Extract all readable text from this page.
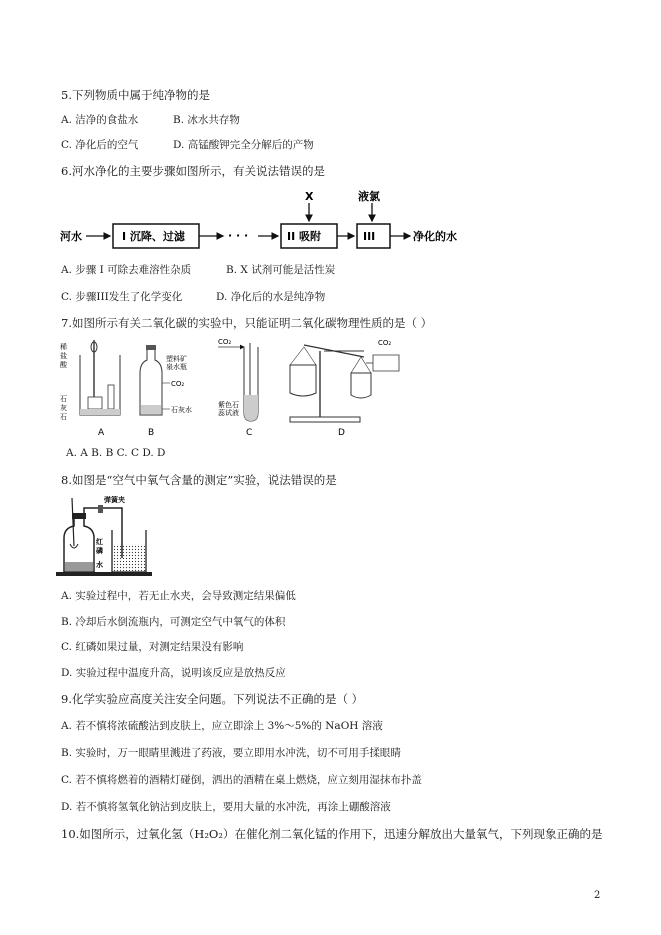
5.下列物质中属于纯净物的是
A. 洁净的食盐水	B. 冰水共存物
C. 净化后的空气	D. 高锰酸钾完全分解后的产物
6.河水净化的主要步骤如图所示，有关说法错误的是
河水	I 沉降、过滤	· · ·
X
II 吸附
液氯
III	净化的水
A. 步骤 I 可除去难溶性杂质	B. X 试剂可能是活性炭
C. 步骤III发生了化学变化	D. 净化后的水是纯净物
7.如图所示有关二氧化碳的实验中，只能证明二氧化碳物理性质的是（ ）
稀盐酸
石灰石
A
塑料矿泉水瓶
CO₂
石灰水
B
CO₂
紫色石蕊试液
C
CO₂
D
A. A B. B C. C D. D
8.如图是“空气中氧气含量的测定”实验，说法错误的是
弹簧夹
红磷
水
A. 实验过程中，若无止水夹，会导致测定结果偏低
B. 冷却后水倒流瓶内，可测定空气中氧气的体积
C. 红磷如果过量，对测定结果没有影响
D. 实验过程中温度升高，说明该反应是放热反应
9.化学实验应高度关注安全问题。下列说法不正确的是（ ）
A. 若不慎将浓硫酸沾到皮肤上，应立即涂上 3%～5%的 NaOH 溶液
B. 实验时，万一眼睛里溅进了药液，要立即用水冲洗，切不可用手揉眼睛
C. 若不慎将燃着的酒精灯碰倒，洒出的酒精在桌上燃烧，应立刻用湿抹布扑盖
D. 若不慎将氢氧化钠沾到皮肤上，要用大量的水冲洗，再涂上硼酸溶液
10.如图所示，过氧化氢（H₂O₂）在催化剂二氧化锰的作用下，迅速分解放出大量氧气，下列现象正确的是
2
